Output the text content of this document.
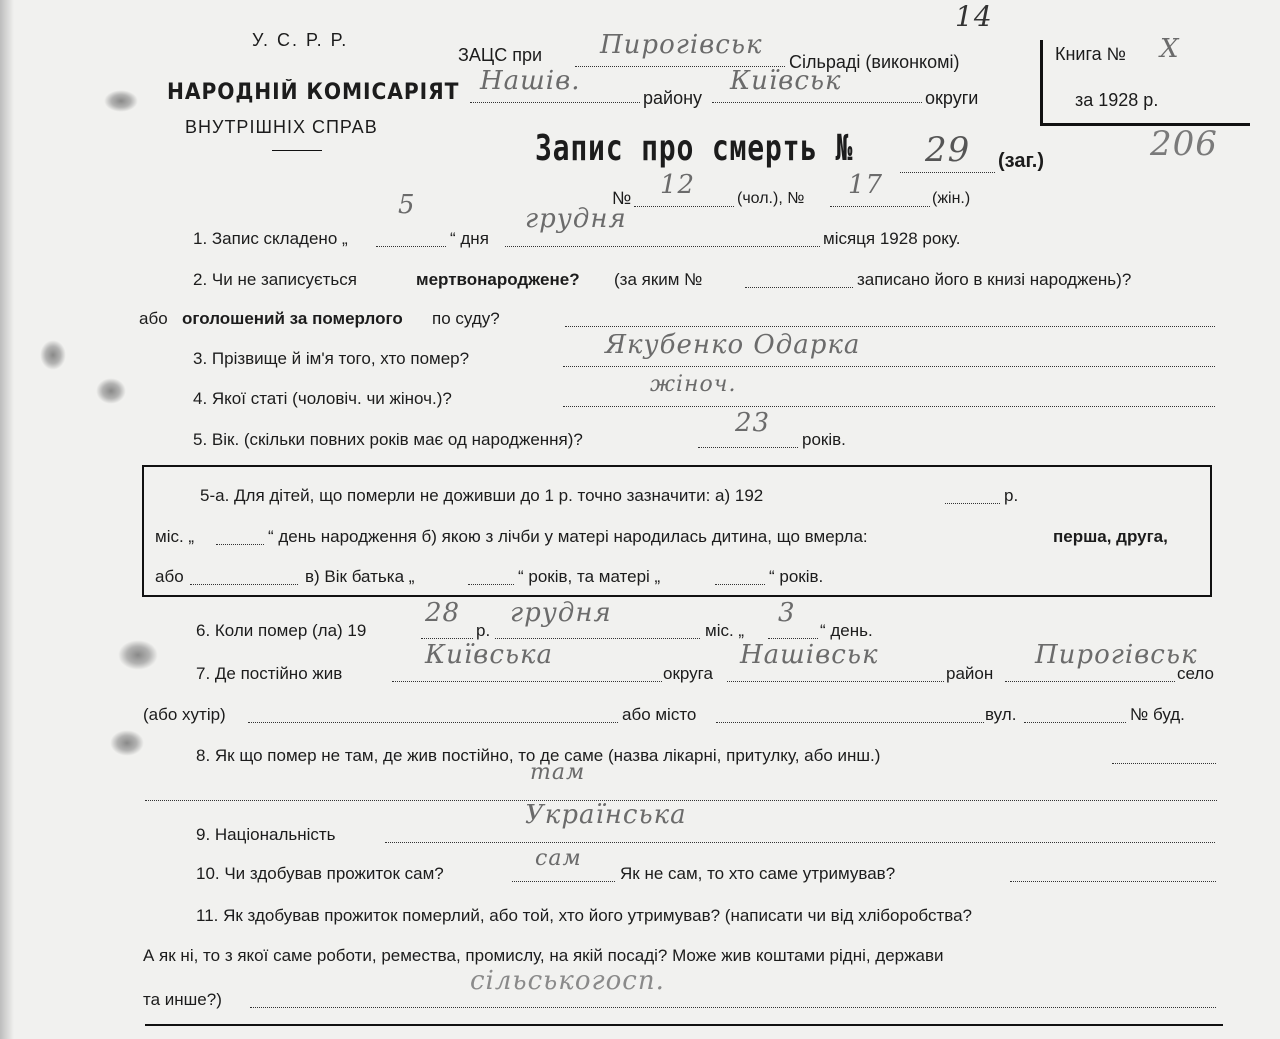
У. С. Р. Р.
НАРОДНІЙ КОМІСАРІЯТ
ВНУТРІШНІХ СПРАВ
ЗАЦС при Пирогівськ
Сільраді (виконкомі)
Нашів.
району
Київськ
округи
14
Книга № Х
за 1928 р.
206
Запис про смерть № 29 (заг.)
№ 12	(чол.), № 17	(жін.)
1. Запис складено „
5
“ дня
грудня
місяця 1928 року.
2. Чи не записується	мертвонароджене? (за яким №	записано його в книзі народжень)?
або оголошений за померлого по суду?
3. Прізвище й ім'я того, хто помер?	Якубенко Одарка
4. Якої статі (чоловіч. чи жіноч.)?
жіноч.
5. Вік. (скільки повних років має од народження)?
23
років.
5-а. Для дітей, що померли не доживши до 1 р. точно зазначити: а) 192	р.
міс. „	“ день народження б) якою з лічби у матері народилась дитина, що вмерла:	перша, друга,
або	в) Вік батька „	“ років, та матері „	“ років.
6. Коли помер (ла) 19
28
р.
грудня
міс. „
3
“ день.
7. Де постійно жив
Київська
округа
Нашівськ
район
Пирогівськ
село
(або хутір)	або місто	вул.	№ буд.
8. Як що помер не там, де жив постійно, то де саме (назва лікарні, притулку, або инш.)
там
9. Національність
Українська
10. Чи здобував прожиток сам?
сам
Як не сам, то хто саме утримував?
11. Як здобував прожиток померлий, або той, хто його утримував? (написати чи від хліборобства?
А як ні, то з якої саме роботи, ремества, промислу, на якій посаді? Може жив коштами рідні, держави
та инше?)
сільськогосп.
